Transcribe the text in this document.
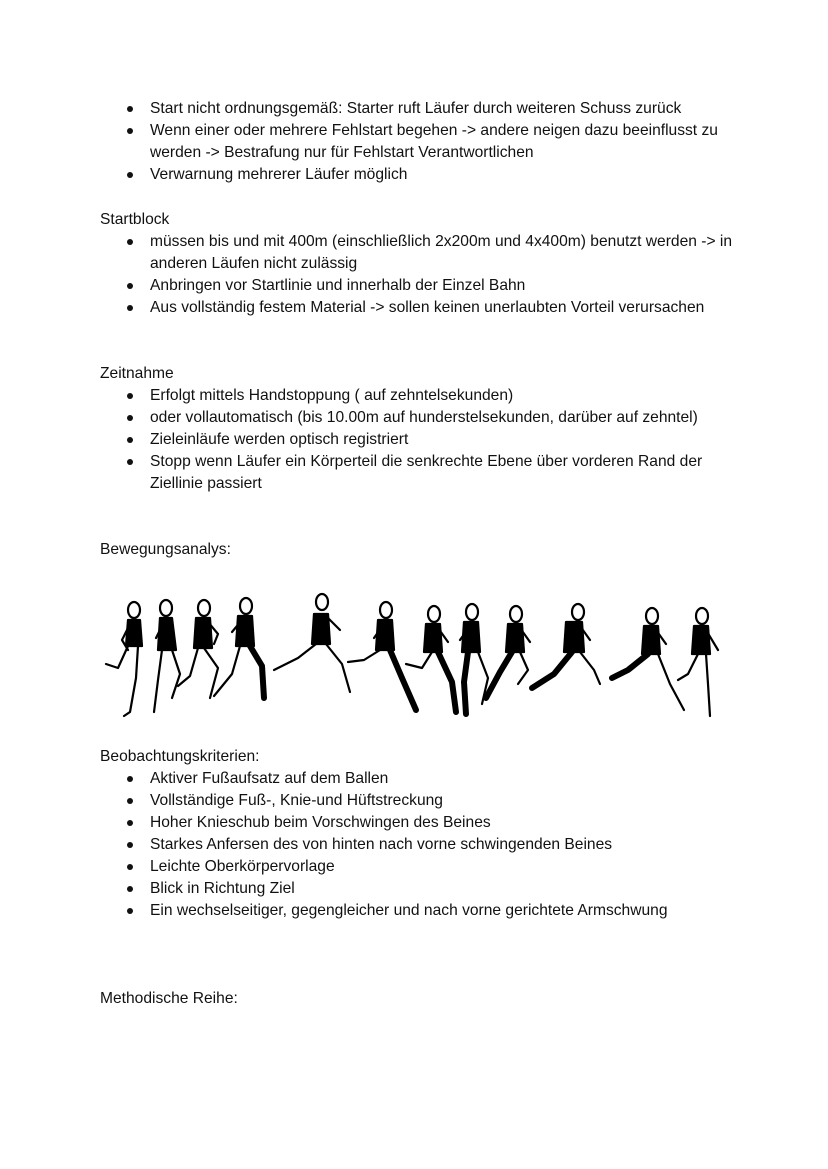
Start nicht ordnungsgemäß: Starter ruft Läufer durch weiteren Schuss zurück
Wenn einer oder mehrere Fehlstart begehen -> andere neigen dazu beeinflusst zu werden -> Bestrafung nur für Fehlstart Verantwortlichen
Verwarnung mehrerer Läufer möglich
Startblock
müssen bis und mit 400m (einschließlich 2x200m und 4x400m) benutzt werden -> in anderen Läufen nicht zulässig
Anbringen vor Startlinie und innerhalb der Einzel Bahn
Aus vollständig festem Material -> sollen keinen unerlaubten Vorteil verursachen
Zeitnahme
Erfolgt mittels Handstoppung ( auf zehntelsekunden)
oder vollautomatisch (bis 10.00m auf hunderstelsekunden, darüber auf zehntel)
Zieleinläufe werden optisch registriert
Stopp wenn Läufer ein Körperteil die senkrechte Ebene über vorderen Rand der Ziellinie passiert
Bewegungsanalys:
Beobachtungskriterien:
Aktiver Fußaufsatz auf dem Ballen
Vollständige Fuß-, Knie-und Hüftstreckung
Hoher Knieschub beim Vorschwingen des Beines
Starkes Anfersen des von hinten nach vorne schwingenden Beines
Leichte Oberkörpervorlage
Blick in Richtung Ziel
Ein wechselseitiger, gegengleicher und nach vorne gerichtete Armschwung
Methodische Reihe:
